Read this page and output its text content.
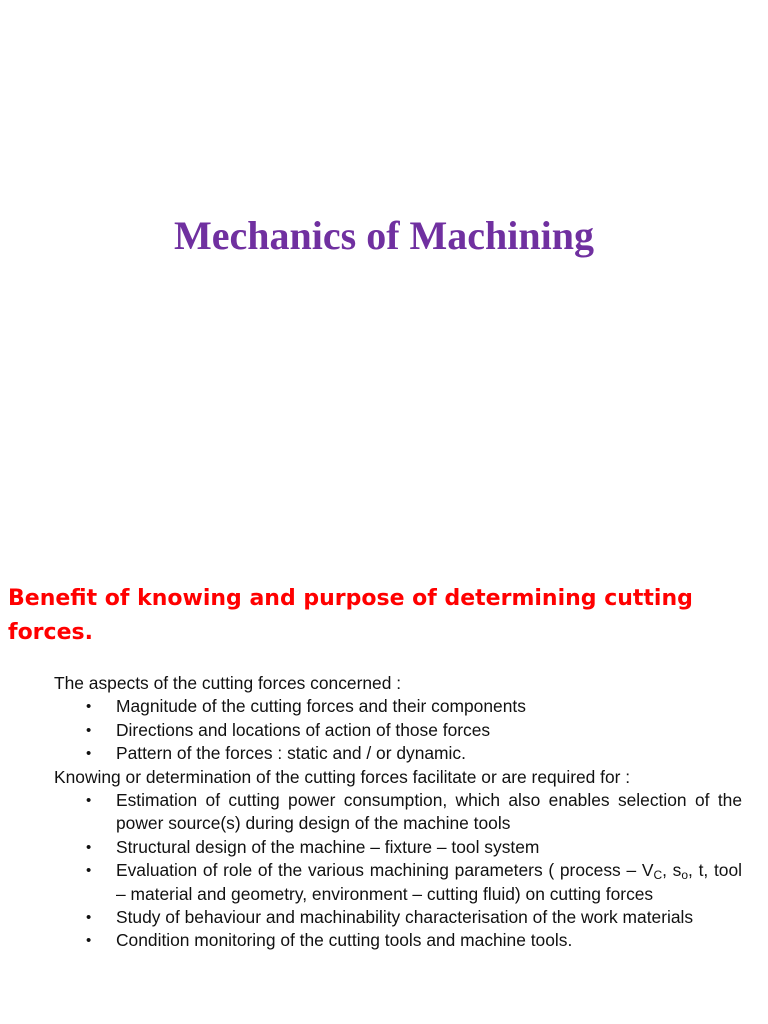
Mechanics of Machining
Benefit of knowing and purpose of determining cutting forces.

The aspects of the cutting forces concerned :

• Magnitude of the cutting forces and their components
• Directions and locations of action of those forces
• Pattern of the forces : static and / or dynamic.

Knowing or determination of the cutting forces facilitate or are required for :

• Estimation of cutting power consumption, which also enables selection of the power source(s) during design of the machine tools
• Structural design of the machine – fixture – tool system
• Evaluation of role of the various machining parameters ( process – $V_C$, $s_o$, t, tool – material and geometry, environment – cutting fluid) on cutting forces
• Study of behaviour and machinability characterisation of the work materials
• Condition monitoring of the cutting tools and machine tools.
